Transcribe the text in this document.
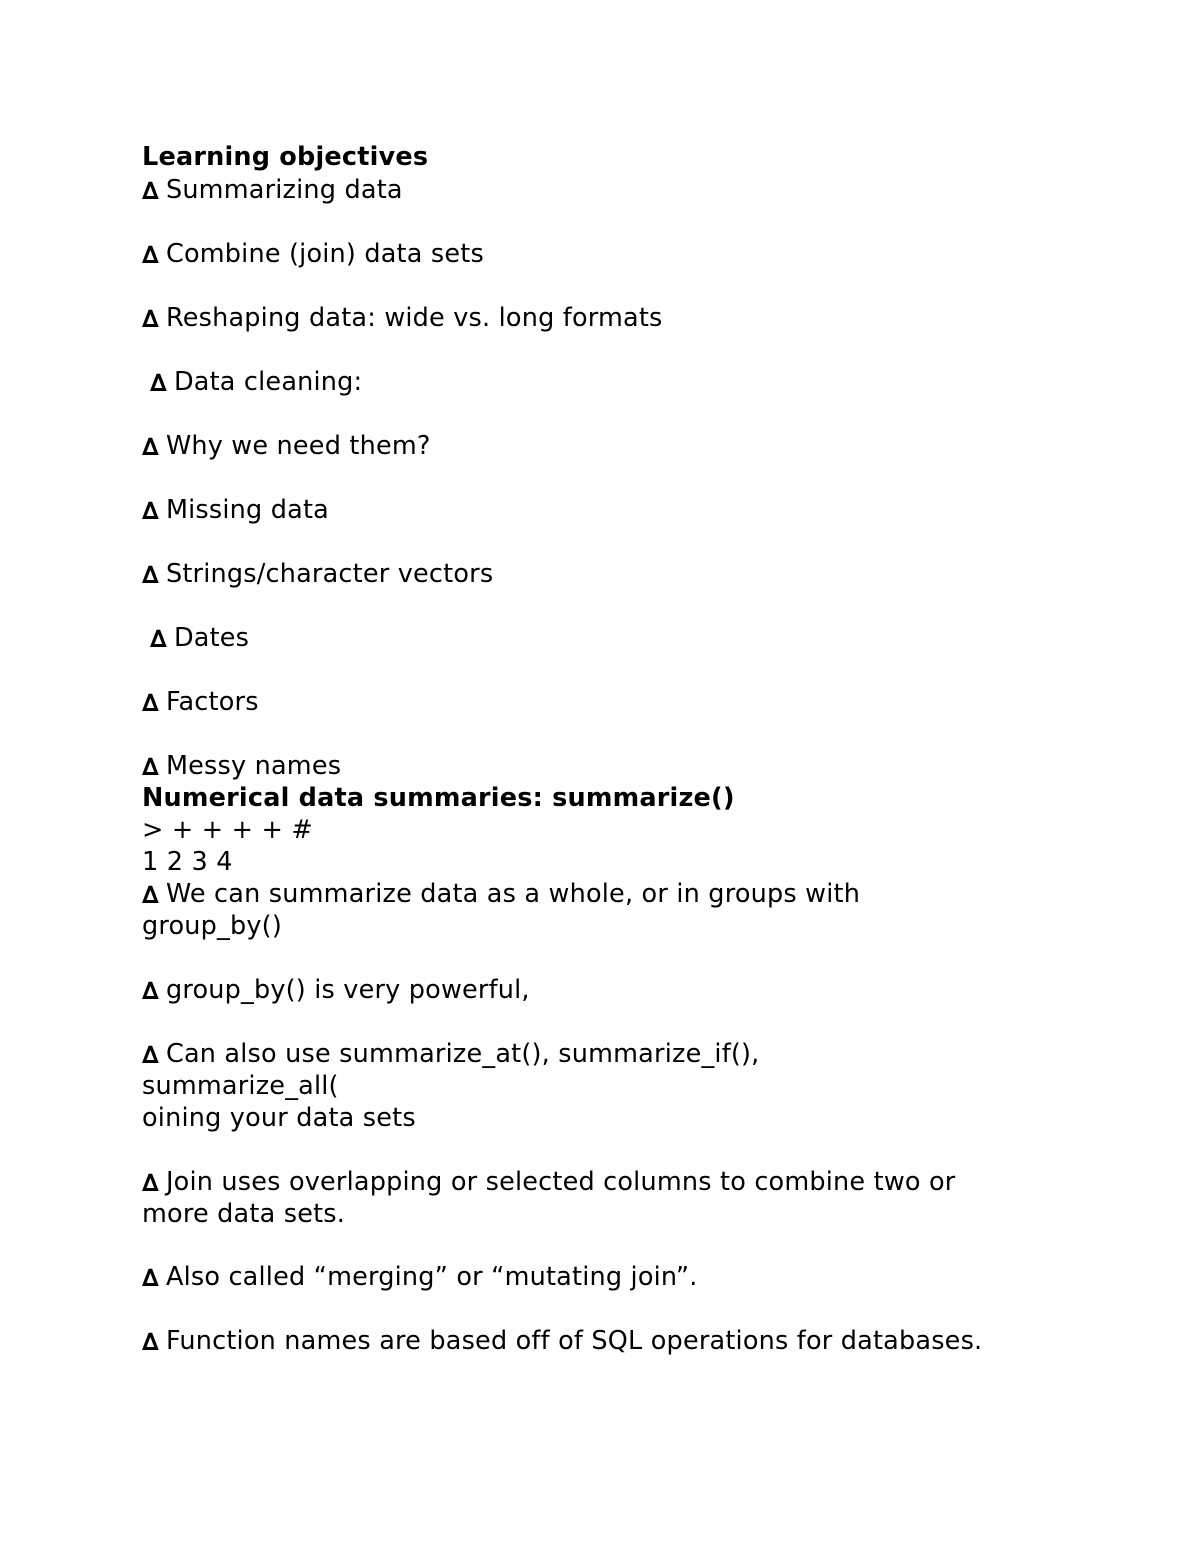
Learning objectives
∆ Summarizing data
∆ Combine (join) data sets
∆ Reshaping data: wide vs. long formats
∆ Data cleaning:
∆ Why we need them?
∆ Missing data
∆ Strings/character vectors
∆ Dates
∆ Factors
∆ Messy names
Numerical data summaries: summarize()
> + + + + #
1 2 3 4
∆ We can summarize data as a whole, or in groups with
group_by()
∆ group_by() is very powerful,
∆ Can also use summarize_at(), summarize_if(),
summarize_all(
oining your data sets
∆ Join uses overlapping or selected columns to combine two or
more data sets.
∆ Also called “merging” or “mutating join”.
∆ Function names are based off of SQL operations for databases.
